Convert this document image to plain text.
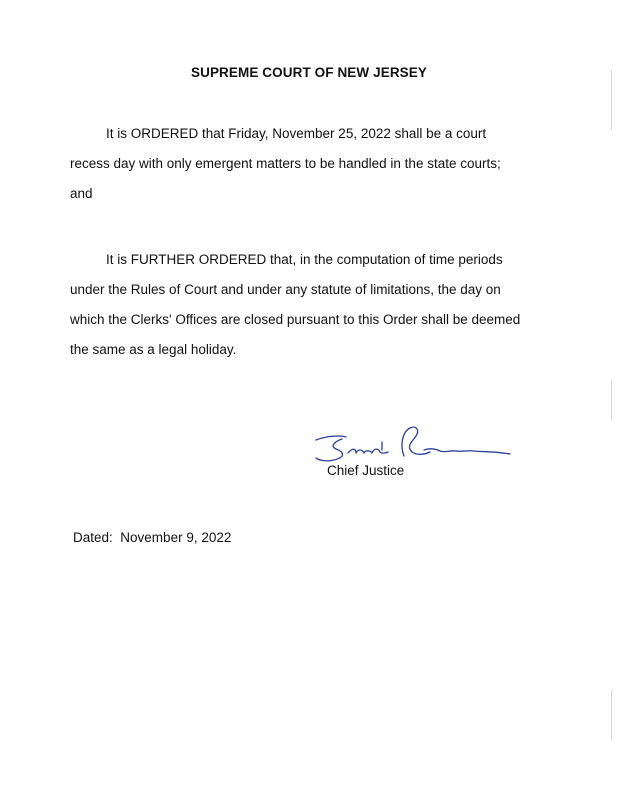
SUPREME COURT OF NEW JERSEY

It is ORDERED that Friday, November 25, 2022 shall be a court
recess day with only emergent matters to be handled in the state courts;
and

It is FURTHER ORDERED that, in the computation of time periods
under the Rules of Court and under any statute of limitations, the day on
which the Clerks' Offices are closed pursuant to this Order shall be deemed
the same as a legal holiday.

Chief Justice
Dated: November 9, 2022
